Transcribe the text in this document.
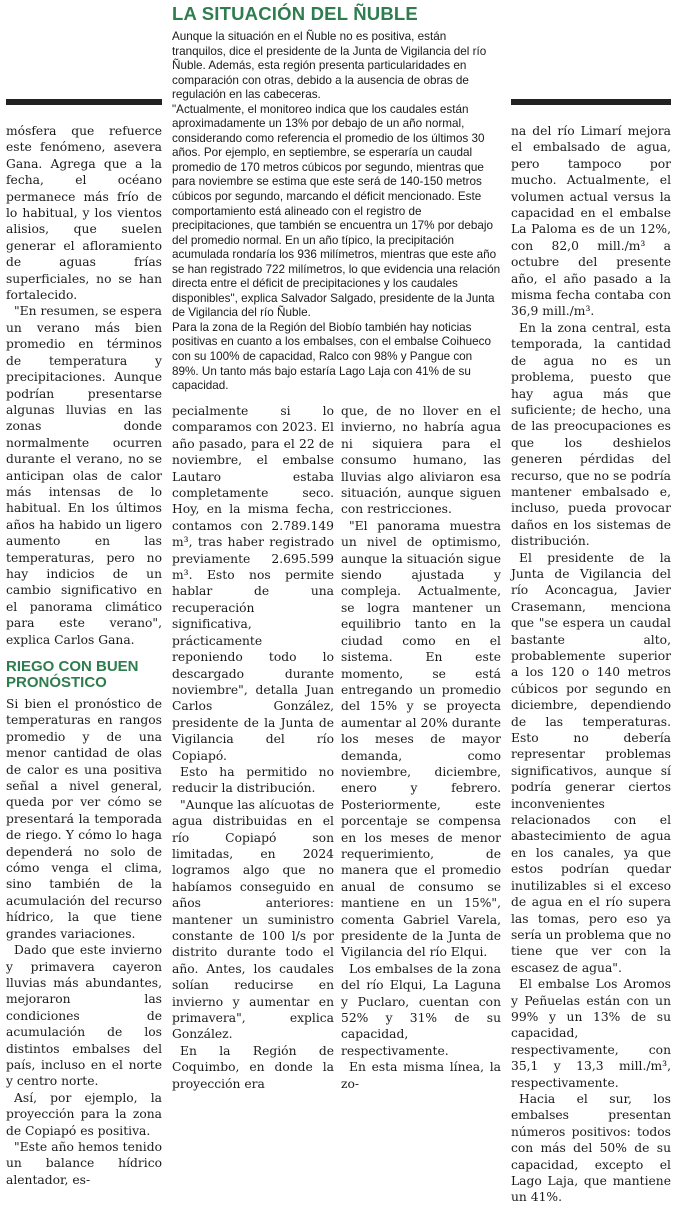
LA SITUACIÓN DEL ÑUBLE

Aunque la situación en el Ñuble no es positiva, están tranquilos, dice el presidente de la Junta de Vigilancia del río Ñuble. Además, esta región presenta particularidades en comparación con otras, debido a la ausencia de obras de regulación en las cabeceras.

"Actualmente, el monitoreo indica que los caudales están aproximadamente un 13% por debajo de un año normal, considerando como referencia el promedio de los últimos 30 años. Por ejemplo, en septiembre, se esperaría un caudal promedio de 170 metros cúbicos por segundo, mientras que para noviembre se estima que este será de 140-150 metros cúbicos por segundo, marcando el déficit mencionado. Este comportamiento está alineado con el registro de precipitaciones, que también se encuentra un 17% por debajo del promedio normal. En un año típico, la precipitación acumulada rondaría los 936 milímetros, mientras que este año se han registrado 722 milímetros, lo que evidencia una relación directa entre el déficit de precipitaciones y los caudales disponibles", explica Salvador Salgado, presidente de la Junta de Vigilancia del río Ñuble.

Para la zona de la Región del Biobío también hay noticias positivas en cuanto a los embalses, con el embalse Coihueco con su 100% de capacidad, Ralco con 98% y Pangue con 89%. Un tanto más bajo estaría Lago Laja con 41% de su capacidad.

mósfera que refuerce este fenómeno, asevera Gana. Agrega que a la fecha, el océano permanece más frío de lo habitual, y los vientos alisios, que suelen generar el afloramiento de aguas frías superficiales, no se han fortalecido.

"En resumen, se espera un verano más bien promedio en términos de temperatura y precipitaciones. Aunque podrían presentarse algunas lluvias en las zonas donde normalmente ocurren durante el verano, no se anticipan olas de calor más intensas de lo habitual. En los últimos años ha habido un ligero aumento en las temperaturas, pero no hay indicios de un cambio significativo en el panorama climático para este verano", explica Carlos Gana.

RIEGO CON BUEN PRONÓSTICO

Si bien el pronóstico de temperaturas en rangos promedio y de una menor cantidad de olas de calor es una positiva señal a nivel general, queda por ver cómo se presentará la temporada de riego. Y cómo lo haga dependerá no solo de cómo venga el clima, sino también de la acumulación del recurso hídrico, la que tiene grandes variaciones.

Dado que este invierno y primavera cayeron lluvias más abundantes, mejoraron las condiciones de acumulación de los distintos embalses del país, incluso en el norte y centro norte.

Así, por ejemplo, la proyección para la zona de Copiapó es positiva.

"Este año hemos tenido un balance hídrico alentador, es-

pecialmente si lo comparamos con 2023. El año pasado, para el 22 de noviembre, el embalse Lautaro estaba completamente seco. Hoy, en la misma fecha, contamos con 2.789.149 m³, tras haber registrado previamente 2.695.599 m³. Esto nos permite hablar de una recuperación significativa, prácticamente reponiendo todo lo descargado durante noviembre", detalla Juan Carlos González, presidente de la Junta de Vigilancia del río Copiapó.

Esto ha permitido no reducir la distribución.

"Aunque las alícuotas de agua distribuidas en el río Copiapó son limitadas, en 2024 logramos algo que no habíamos conseguido en años anteriores: mantener un suministro constante de 100 l/s por distrito durante todo el año. Antes, los caudales solían reducirse en invierno y aumentar en primavera", explica González.

En la Región de Coquimbo, en donde la proyección era

que, de no llover en el invierno, no habría agua ni siquiera para el consumo humano, las lluvias algo aliviaron esa situación, aunque siguen con restricciones.

"El panorama muestra un nivel de optimismo, aunque la situación sigue siendo ajustada y compleja. Actualmente, se logra mantener un equilibrio tanto en la ciudad como en el sistema. En este momento, se está entregando un promedio del 15% y se proyecta aumentar al 20% durante los meses de mayor demanda, como noviembre, diciembre, enero y febrero. Posteriormente, este porcentaje se compensa en los meses de menor requerimiento, de manera que el promedio anual de consumo se mantiene en un 15%", comenta Gabriel Varela, presidente de la Junta de Vigilancia del río Elqui.

Los embalses de la zona del río Elqui, La Laguna y Puclaro, cuentan con 52% y 31% de su capacidad, respectivamente.

En esta misma línea, la zo-

na del río Limarí mejora el embalsado de agua, pero tampoco por mucho. Actualmente, el volumen actual versus la capacidad en el embalse La Paloma es de un 12%, con 82,0 mill./m³ a octubre del presente año, el año pasado a la misma fecha contaba con 36,9 mill./m³.

En la zona central, esta temporada, la cantidad de agua no es un problema, puesto que hay agua más que suficiente; de hecho, una de las preocupaciones es que los deshielos generen pérdidas del recurso, que no se podría mantener embalsado e, incluso, pueda provocar daños en los sistemas de distribución.

El presidente de la Junta de Vigilancia del río Aconcagua, Javier Crasemann, menciona que "se espera un caudal bastante alto, probablemente superior a los 120 o 140 metros cúbicos por segundo en diciembre, dependiendo de las temperaturas. Esto no debería representar problemas significativos, aunque sí podría generar ciertos inconvenientes relacionados con el abastecimiento de agua en los canales, ya que estos podrían quedar inutilizables si el exceso de agua en el río supera las tomas, pero eso ya sería un problema que no tiene que ver con la escasez de agua".

El embalse Los Aromos y Peñuelas están con un 99% y un 13% de su capacidad, respectivamente, con 35,1 y 13,3 mill./m³, respectivamente.

Hacia el sur, los embalses presentan números positivos: todos con más del 50% de su capacidad, excepto el Lago Laja, que mantiene un 41%.
